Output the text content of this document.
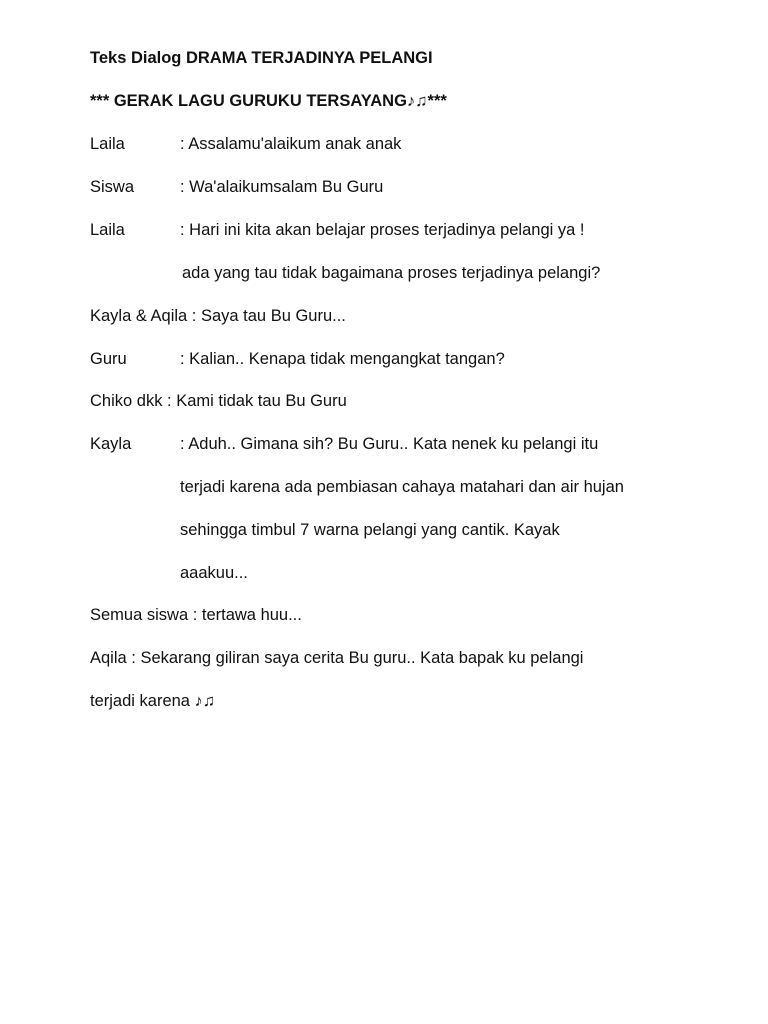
Teks Dialog DRAMA TERJADINYA PELANGI
*** GERAK LAGU GURUKU TERSAYANG♪♫***
Laila	: Assalamu'alaikum anak anak
Siswa	: Wa'alaikumsalam Bu Guru
Laila	: Hari ini kita akan belajar proses terjadinya pelangi ya !
ada yang tau tidak bagaimana proses terjadinya pelangi?
Kayla & Aqila : Saya tau Bu Guru...
Guru	: Kalian.. Kenapa tidak mengangkat tangan?
Chiko dkk : Kami tidak tau Bu Guru
Kayla	: Aduh.. Gimana sih? Bu Guru.. Kata nenek ku pelangi itu
terjadi karena ada pembiasan cahaya matahari dan air hujan
sehingga timbul 7 warna pelangi yang cantik. Kayak
aaakuu...
Semua siswa : tertawa huu...
Aqila : Sekarang giliran saya cerita Bu guru.. Kata bapak ku pelangi
terjadi karena ♪♫
